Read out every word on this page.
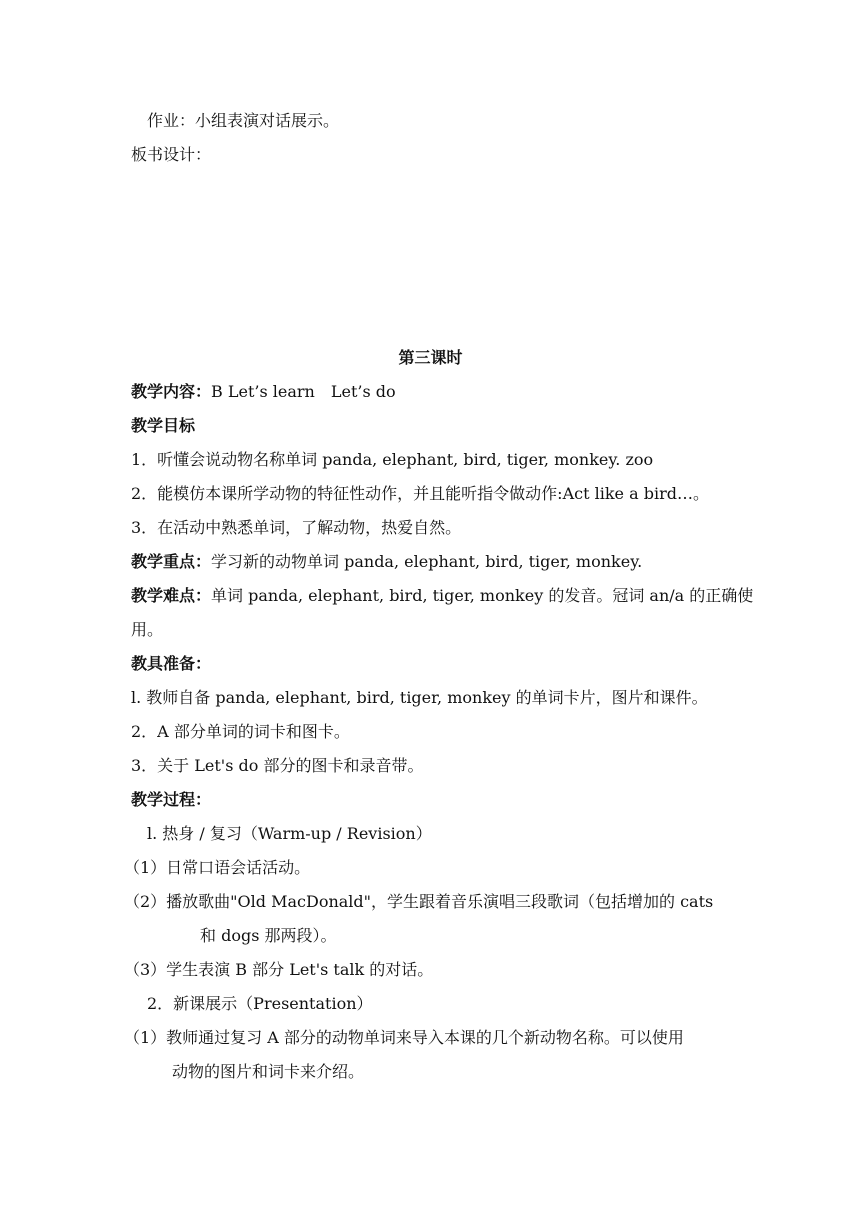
作业：小组表演对话展示。
板书设计：
第三课时
教学内容：B Let’s learn　Let’s do
教学目标
1．听懂会说动物名称单词 panda, elephant, bird, tiger, monkey. zoo
2．能模仿本课所学动物的特征性动作，并且能听指令做动作:Act like a bird…。
3．在活动中熟悉单词，了解动物，热爱自然。
教学重点：学习新的动物单词 panda, elephant, bird, tiger, monkey.
教学难点：单词 panda, elephant, bird, tiger, monkey 的发音。冠词 an/a 的正确使
用。
教具准备：
l. 教师自备 panda, elephant, bird, tiger, monkey 的单词卡片，图片和课件。
2．A 部分单词的词卡和图卡。
3．关于 Let's do 部分的图卡和录音带。
教学过程：
l. 热身 / 复习（Warm-up / Revision）
（1）日常口语会话活动。
（2）播放歌曲"Old MacDonald"，学生跟着音乐演唱三段歌词（包括增加的 cats
和 dogs 那两段）。
（3）学生表演 B 部分 Let's talk 的对话。
2．新课展示（Presentation）
（1）教师通过复习 A 部分的动物单词来导入本课的几个新动物名称。可以使用
动物的图片和词卡来介绍。
